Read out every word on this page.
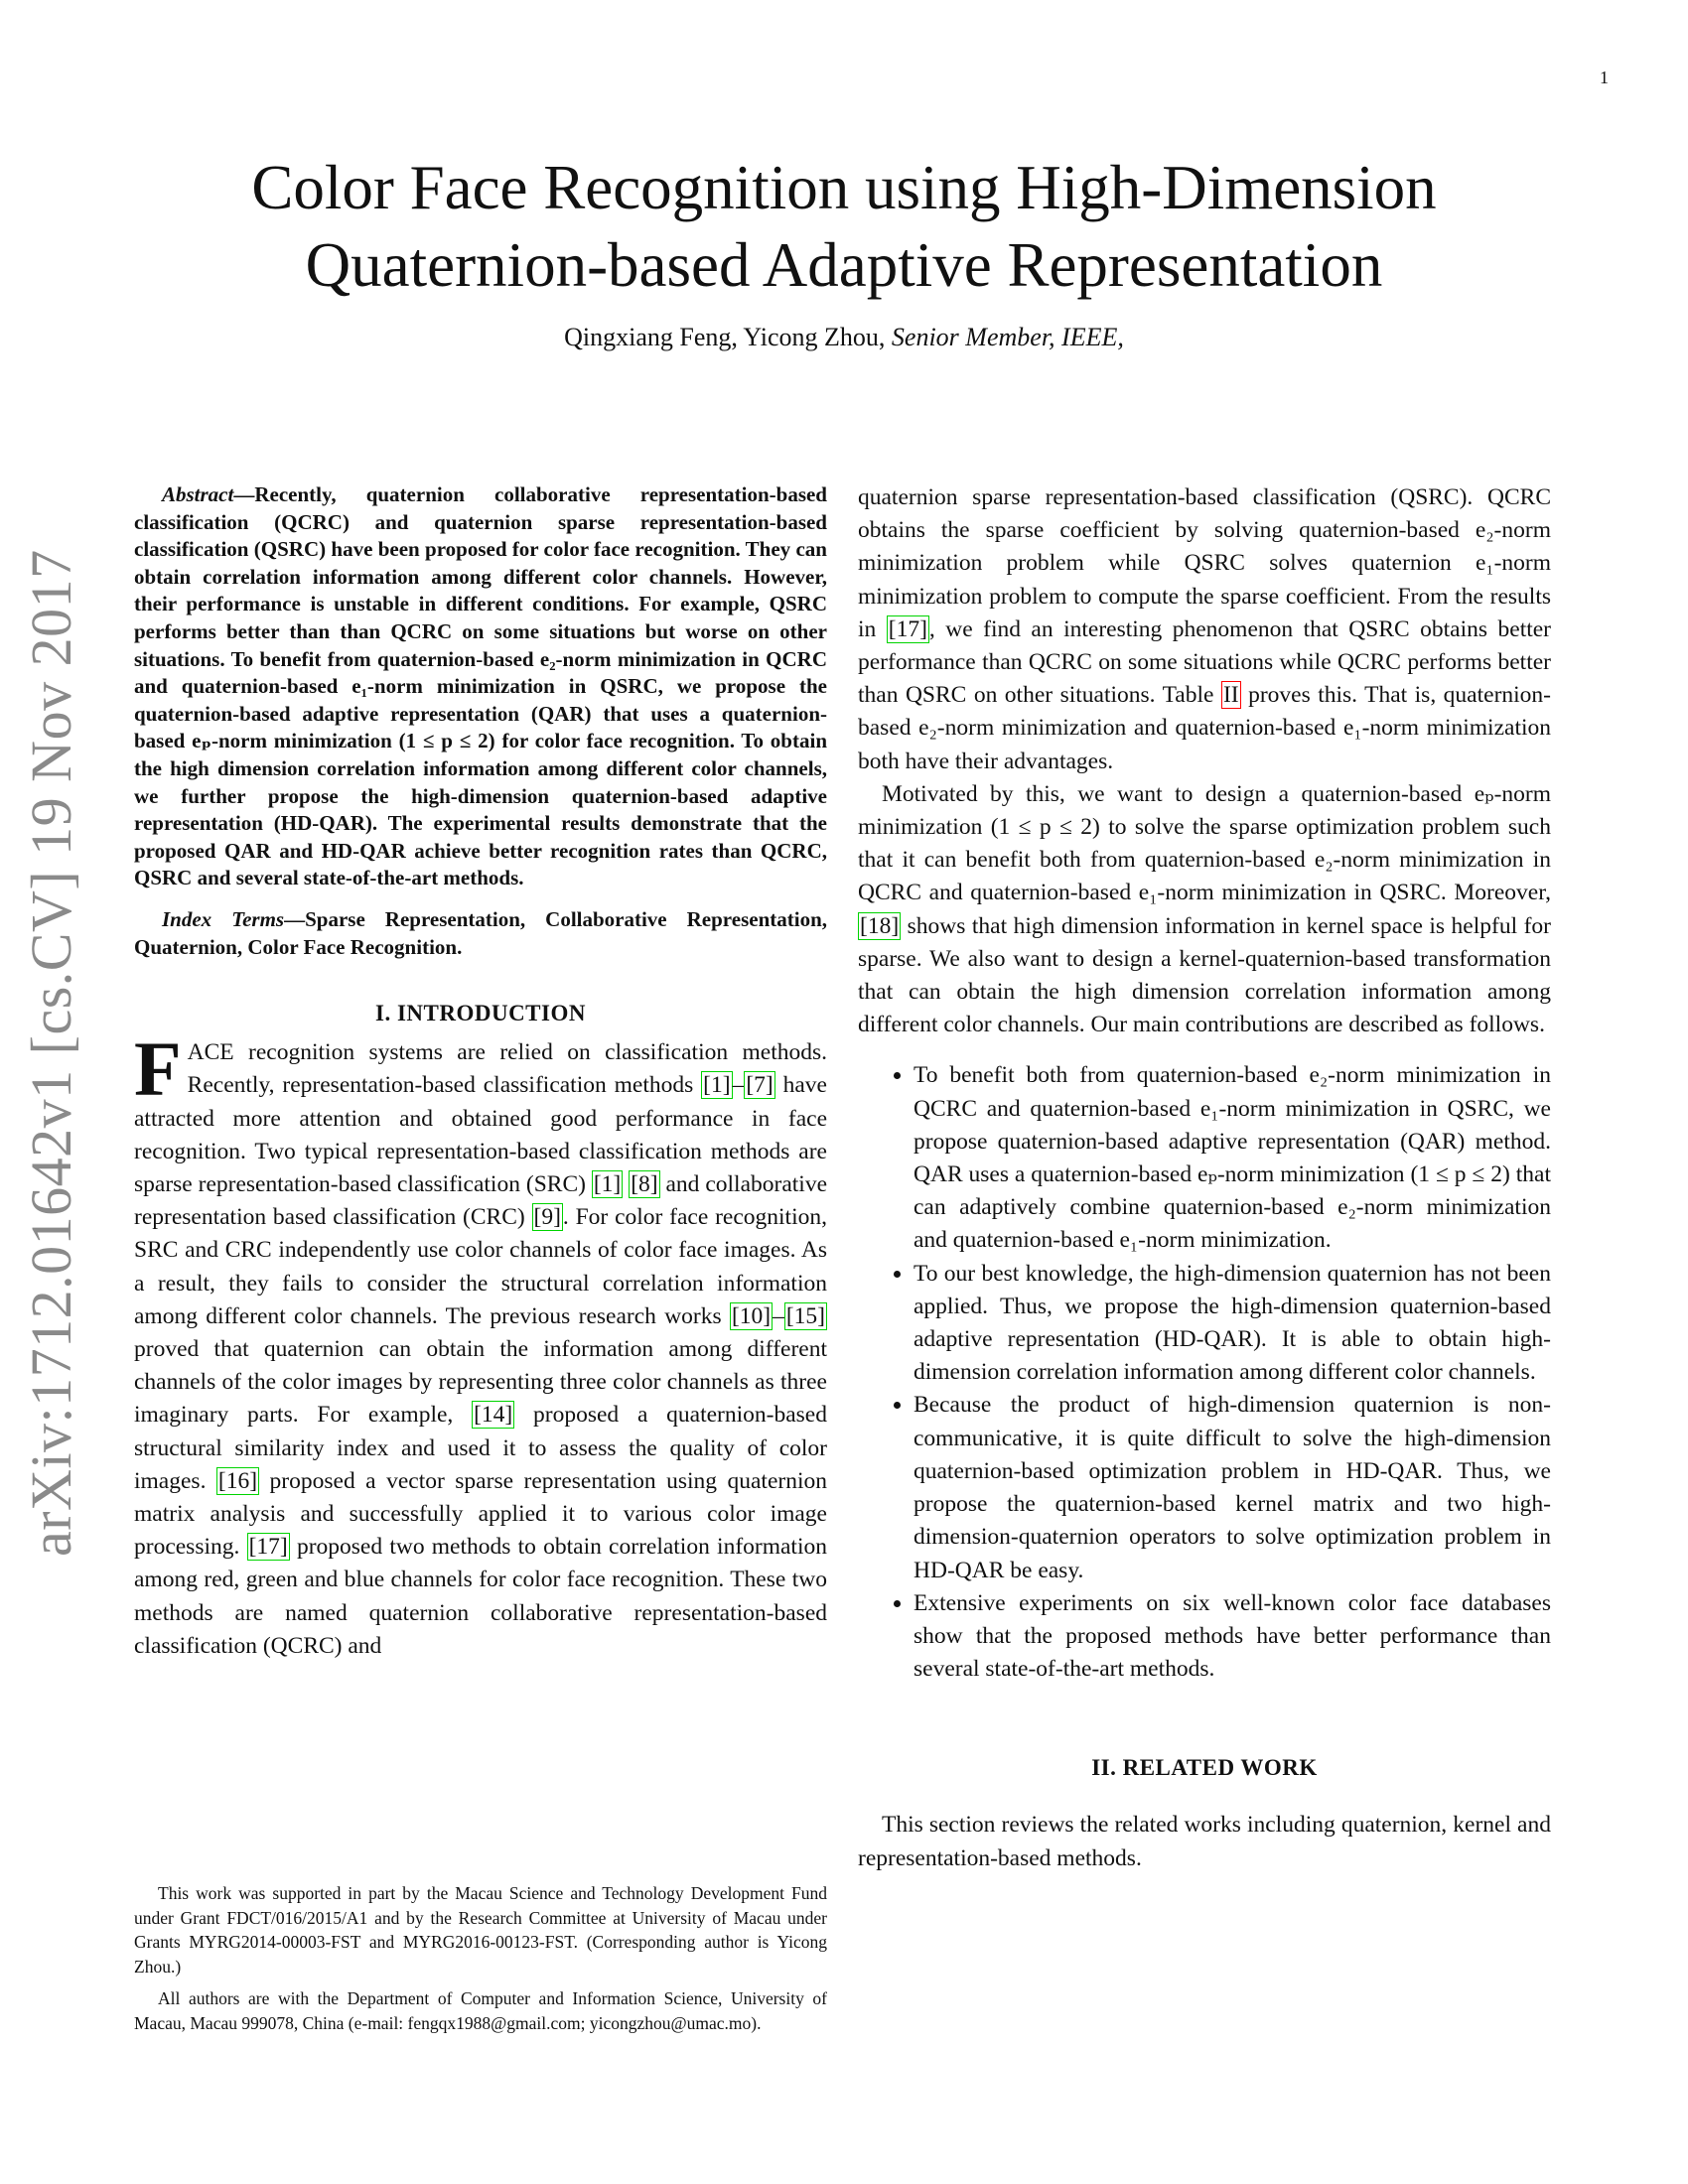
1
arXiv:1712.01642v1 [cs.CV] 19 Nov 2017
Color Face Recognition using High-Dimension
Quaternion-based Adaptive Representation
Qingxiang Feng, Yicong Zhou, Senior Member, IEEE,

Abstract—Recently, quaternion collaborative representation-based classification (QCRC) and quaternion sparse representation-based classification (QSRC) have been proposed for color face recognition. They can obtain correlation information among different color channels. However, their performance is unstable in different conditions. For example, QSRC performs better than than QCRC on some situations but worse on other situations. To benefit from quaternion-based e₂-norm minimization in QCRC and quaternion-based e₁-norm minimization in QSRC, we propose the quaternion-based adaptive representation (QAR) that uses a quaternion-based eₚ-norm minimization (1 ≤ p ≤ 2) for color face recognition. To obtain the high dimension correlation information among different color channels, we further propose the high-dimension quaternion-based adaptive representation (HD-QAR). The experimental results demonstrate that the proposed QAR and HD-QAR achieve better recognition rates than QCRC, QSRC and several state-of-the-art methods.

Index Terms—Sparse Representation, Collaborative Representation, Quaternion, Color Face Recognition.

I. INTRODUCTION

FACE recognition systems are relied on classification methods. Recently, representation-based classification methods [1]–[7] have attracted more attention and obtained good performance in face recognition. Two typical representation-based classification methods are sparse representation-based classification (SRC) [1] [8] and collaborative representation based classification (CRC) [9]. For color face recognition, SRC and CRC independently use color channels of color face images. As a result, they fails to consider the structural correlation information among different color channels. The previous research works [10]–[15] proved that quaternion can obtain the information among different channels of the color images by representing three color channels as three imaginary parts. For example, [14] proposed a quaternion-based structural similarity index and used it to assess the quality of color images. [16] proposed a vector sparse representation using quaternion matrix analysis and successfully applied it to various color image processing. [17] proposed two methods to obtain correlation information among red, green and blue channels for color face recognition. These two methods are named quaternion collaborative representation-based classification (QCRC) and

This work was supported in part by the Macau Science and Technology Development Fund under Grant FDCT/016/2015/A1 and by the Research Committee at University of Macau under Grants MYRG2014-00003-FST and MYRG2016-00123-FST. (Corresponding author is Yicong Zhou.)

All authors are with the Department of Computer and Information Science, University of Macau, Macau 999078, China (e-mail: fengqx1988@gmail.com; yicongzhou@umac.mo).

quaternion sparse representation-based classification (QSRC). QCRC obtains the sparse coefficient by solving quaternion-based e₂-norm minimization problem while QSRC solves quaternion e₁-norm minimization problem to compute the sparse coefficient. From the results in [17], we find an interesting phenomenon that QSRC obtains better performance than QCRC on some situations while QCRC performs better than QSRC on other situations. Table II proves this. That is, quaternion-based e₂-norm minimization and quaternion-based e₁-norm minimization both have their advantages.

Motivated by this, we want to design a quaternion-based eₚ-norm minimization (1 ≤ p ≤ 2) to solve the sparse optimization problem such that it can benefit both from quaternion-based e₂-norm minimization in QCRC and quaternion-based e₁-norm minimization in QSRC. Moreover, [18] shows that high dimension information in kernel space is helpful for sparse. We also want to design a kernel-quaternion-based transformation that can obtain the high dimension correlation information among different color channels. Our main contributions are described as follows.

• To benefit both from quaternion-based e₂-norm minimization in QCRC and quaternion-based e₁-norm minimization in QSRC, we propose quaternion-based adaptive representation (QAR) method. QAR uses a quaternion-based eₚ-norm minimization (1 ≤ p ≤ 2) that can adaptively combine quaternion-based e₂-norm minimization and quaternion-based e₁-norm minimization.
• To our best knowledge, the high-dimension quaternion has not been applied. Thus, we propose the high-dimension quaternion-based adaptive representation (HD-QAR). It is able to obtain high-dimension correlation information among different color channels.
• Because the product of high-dimension quaternion is non-communicative, it is quite difficult to solve the high-dimension quaternion-based optimization problem in HD-QAR. Thus, we propose the quaternion-based kernel matrix and two high-dimension-quaternion operators to solve optimization problem in HD-QAR be easy.
• Extensive experiments on six well-known color face databases show that the proposed methods have better performance than several state-of-the-art methods.
II. RELATED WORK

This section reviews the related works including quaternion, kernel and representation-based methods.
